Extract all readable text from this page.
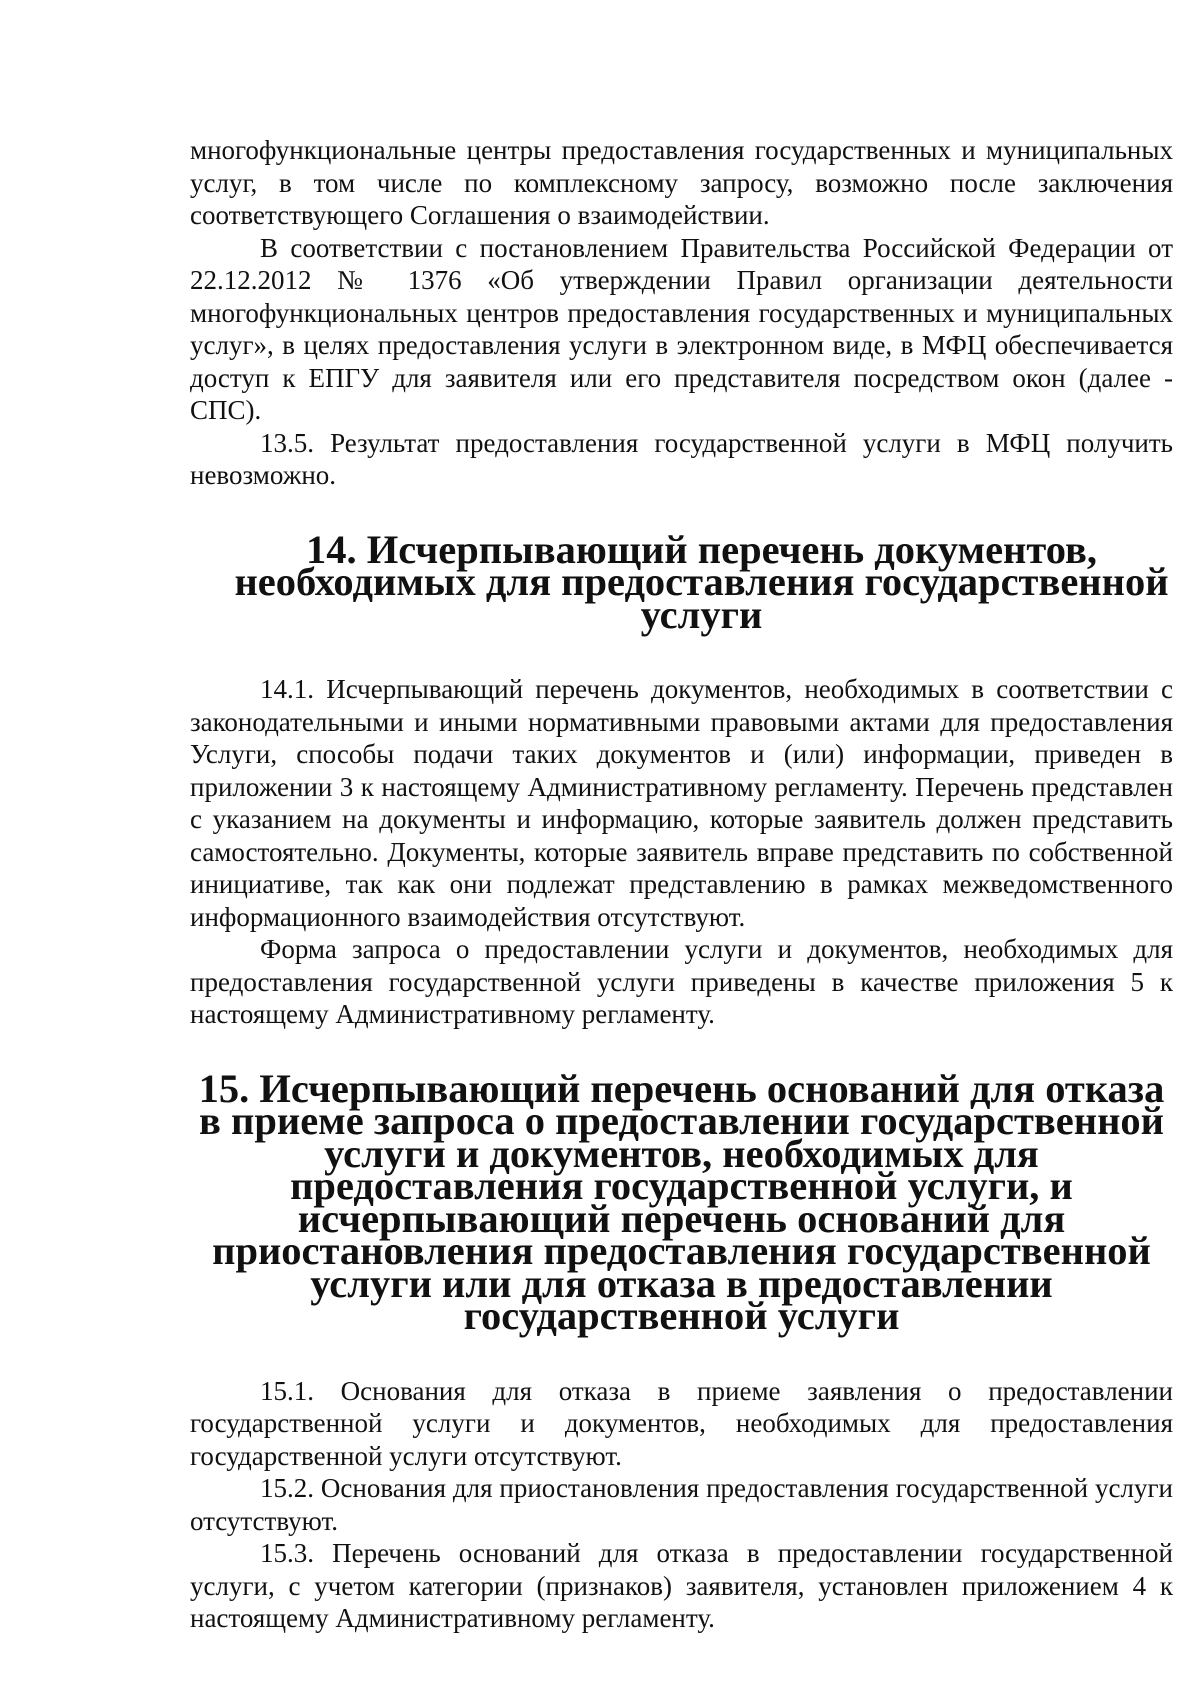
многофункциональные центры предоставления государственных и муниципальных услуг, в том числе по комплексному запросу, возможно после заключения соответствующего Соглашения о взаимодействии.

В соответствии с постановлением Правительства Российской Федерации от 22.12.2012 № 1376 «Об утверждении Правил организации деятельности многофункциональных центров предоставления государственных и муниципальных услуг», в целях предоставления услуги в электронном виде, в МФЦ обеспечивается доступ к ЕПГУ для заявителя или его представителя посредством окон (далее - СПС).

13.5. Результат предоставления государственной услуги в МФЦ получить невозможно.

14. Исчерпывающий перечень документов, необходимых для предоставления государственной услуги

14.1. Исчерпывающий перечень документов, необходимых в соответствии с законодательными и иными нормативными правовыми актами для предоставления Услуги, способы подачи таких документов и (или) информации, приведен в приложении 3 к настоящему Административному регламенту. Перечень представлен с указанием на документы и информацию, которые заявитель должен представить самостоятельно. Документы, которые заявитель вправе представить по собственной инициативе, так как они подлежат представлению в рамках межведомственного информационного взаимодействия отсутствуют.

Форма запроса о предоставлении услуги и документов, необходимых для предоставления государственной услуги приведены в качестве приложения 5 к настоящему Административному регламенту.

15. Исчерпывающий перечень оснований для отказа в приеме запроса о предоставлении государственной услуги и документов, необходимых для предоставления государственной услуги, и исчерпывающий перечень оснований для приостановления предоставления государственной услуги или для отказа в предоставлении государственной услуги

15.1. Основания для отказа в приеме заявления о предоставлении государственной услуги и документов, необходимых для предоставления государственной услуги отсутствуют.

15.2. Основания для приостановления предоставления государственной услуги отсутствуют.

15.3. Перечень оснований для отказа в предоставлении государственной услуги, с учетом категории (признаков) заявителя, установлен приложением 4 к настоящему Административному регламенту.
